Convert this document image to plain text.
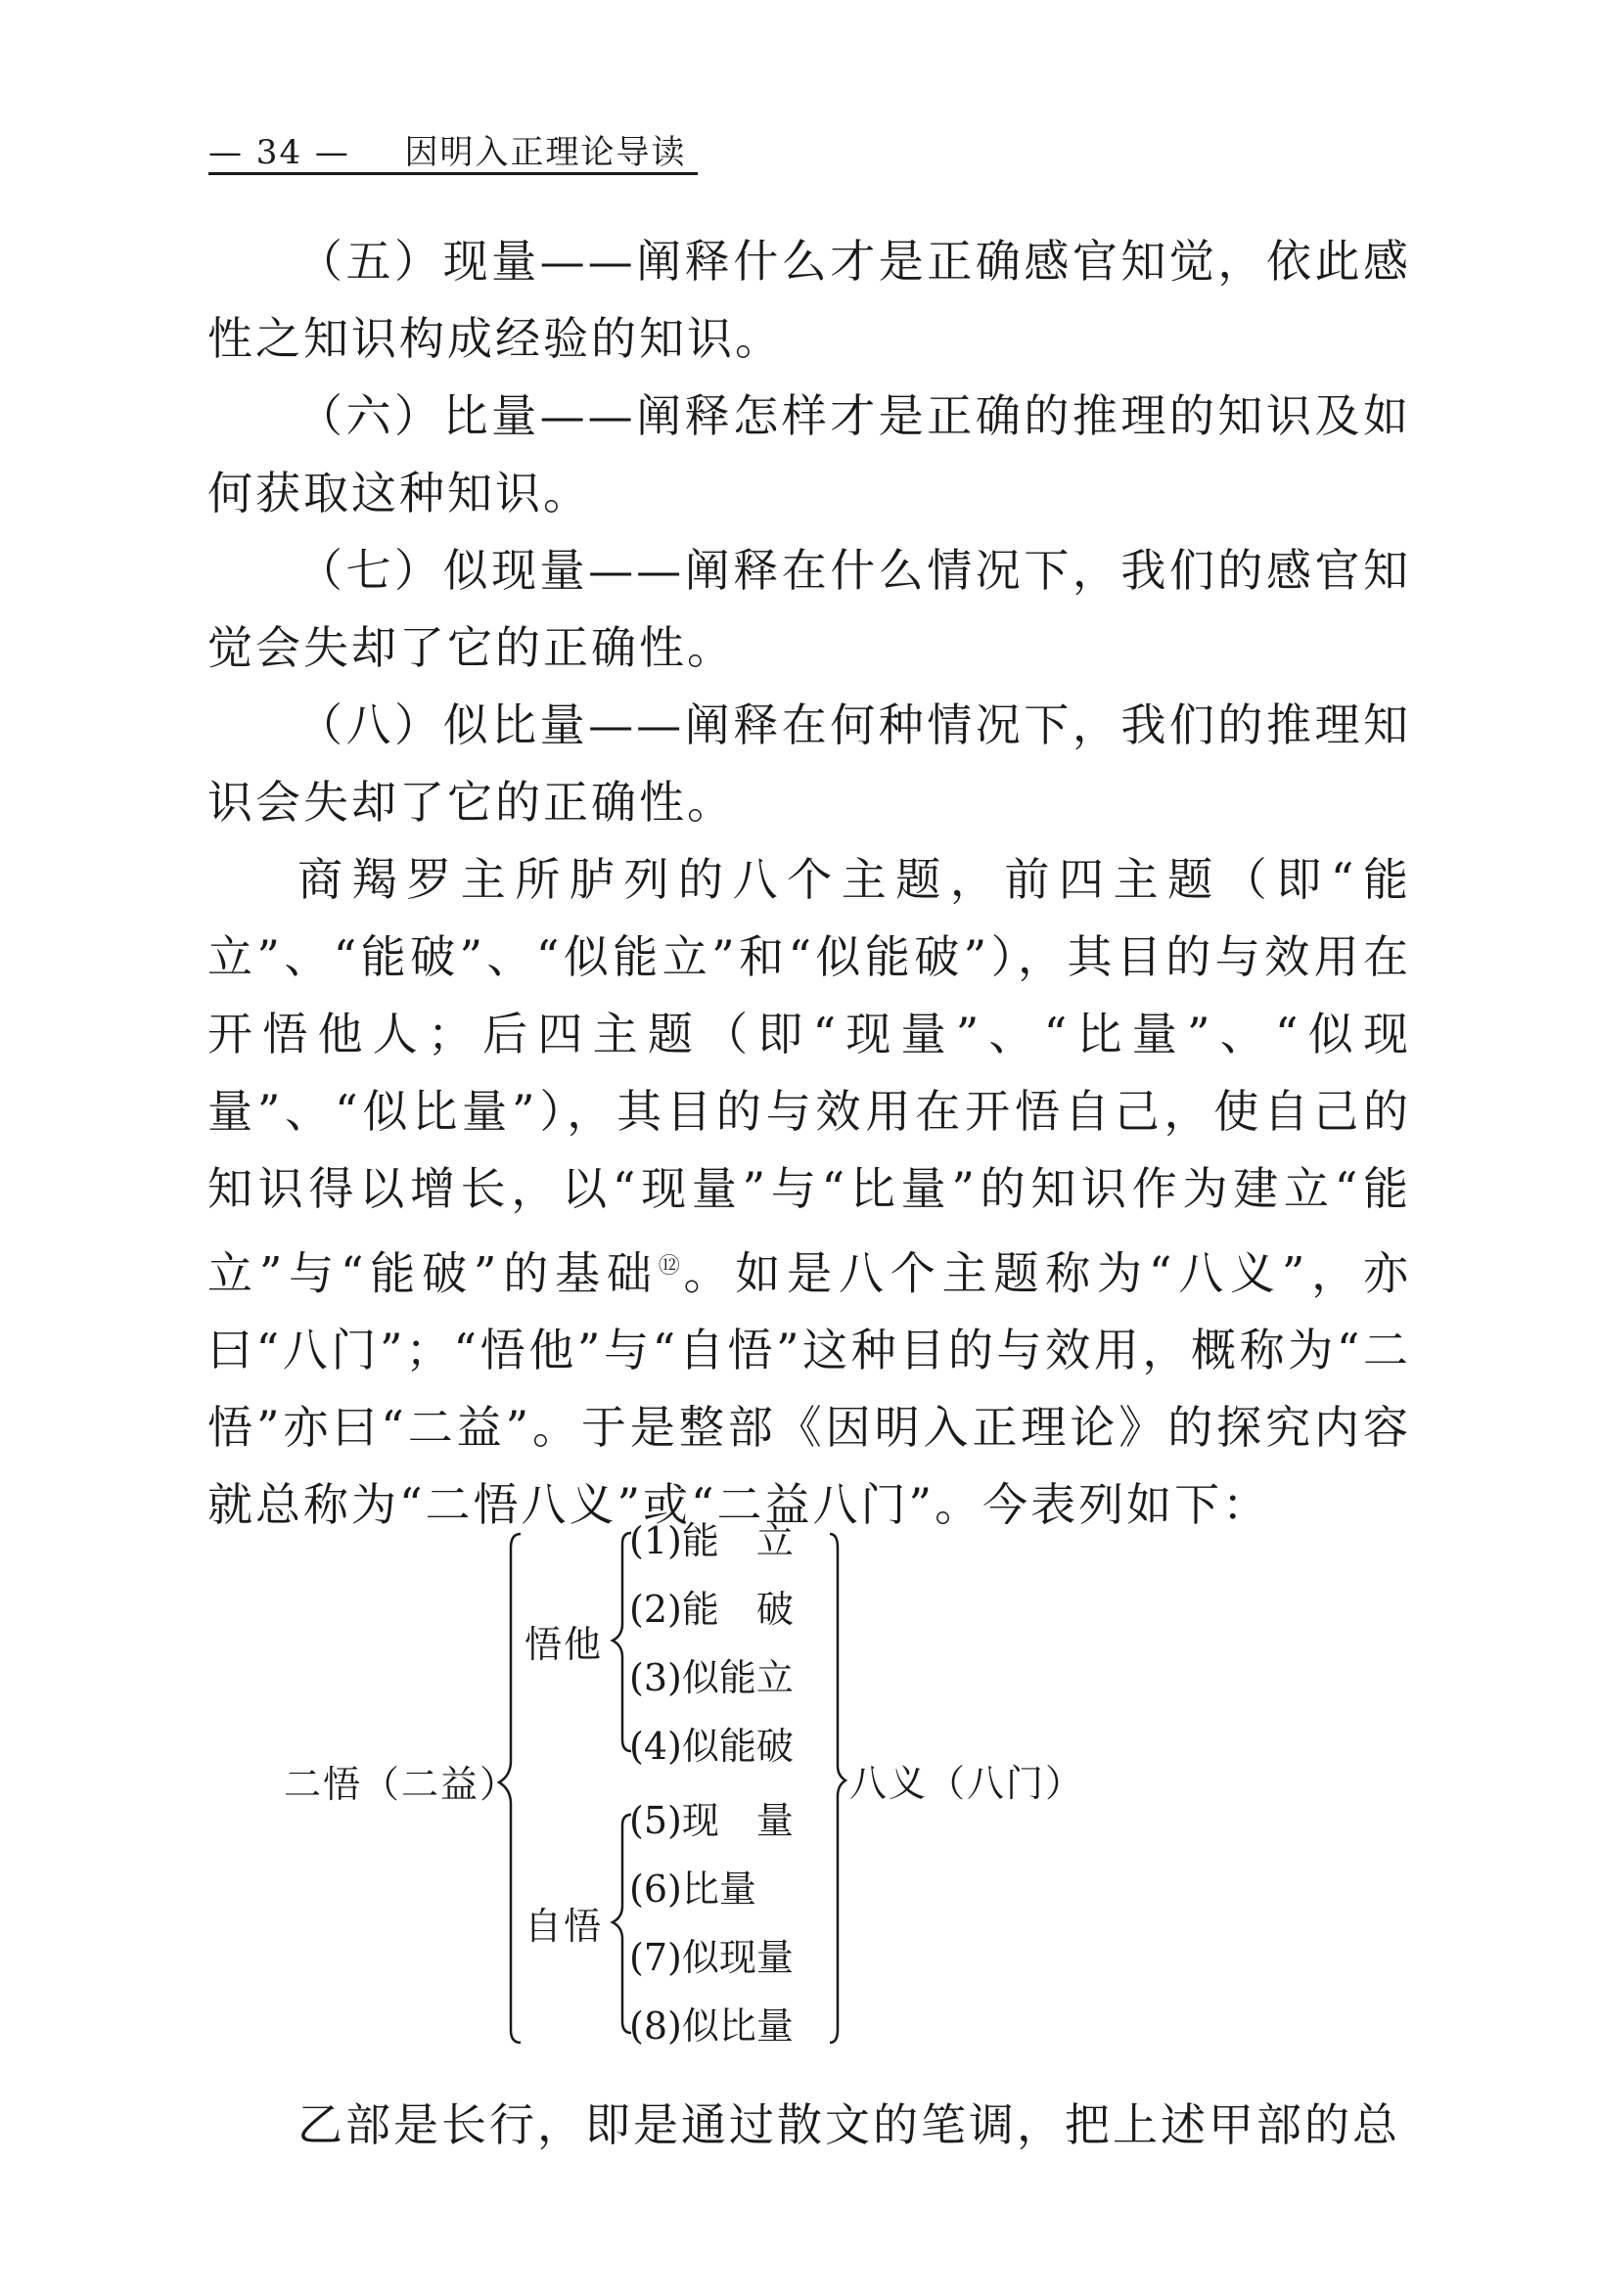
— 34 — 因明入正理论导读

（五）现量——阐释什么才是正确感官知觉，依此感性之知识构成经验的知识。

（六）比量——阐释怎样才是正确的推理的知识及如何获取这种知识。

（七）似现量——阐释在什么情况下，我们的感官知觉会失却了它的正确性。

（八）似比量——阐释在何种情况下，我们的推理知识会失却了它的正确性。

商羯罗主所胪列的八个主题，前四主题（即“能立”、“能破”、“似能立”和“似能破”），其目的与效用在开悟他人；后四主题（即“现量”、“比量”、“似现量”、“似比量”），其目的与效用在开悟自己，使自己的知识得以增长，以“现量”与“比量”的知识作为建立“能立”与“能破”的基础⑫。如是八个主题称为“八义”，亦曰“八门”；“悟他”与“自悟”这种目的与效用，概称为“二悟”亦曰“二益”。于是整部《因明入正理论》的探究内容就总称为“二悟八义”或“二益八门”。今表列如下：

乙部是长行，即是通过散文的笔调，把上述甲部的总

二悟（二益）
悟他
自悟
八义（八门）
(1)能　立
(2)能　破
(3)似能立
(4)似能破
(5)现　量
(6)比量
(7)似现量
(8)似比量
